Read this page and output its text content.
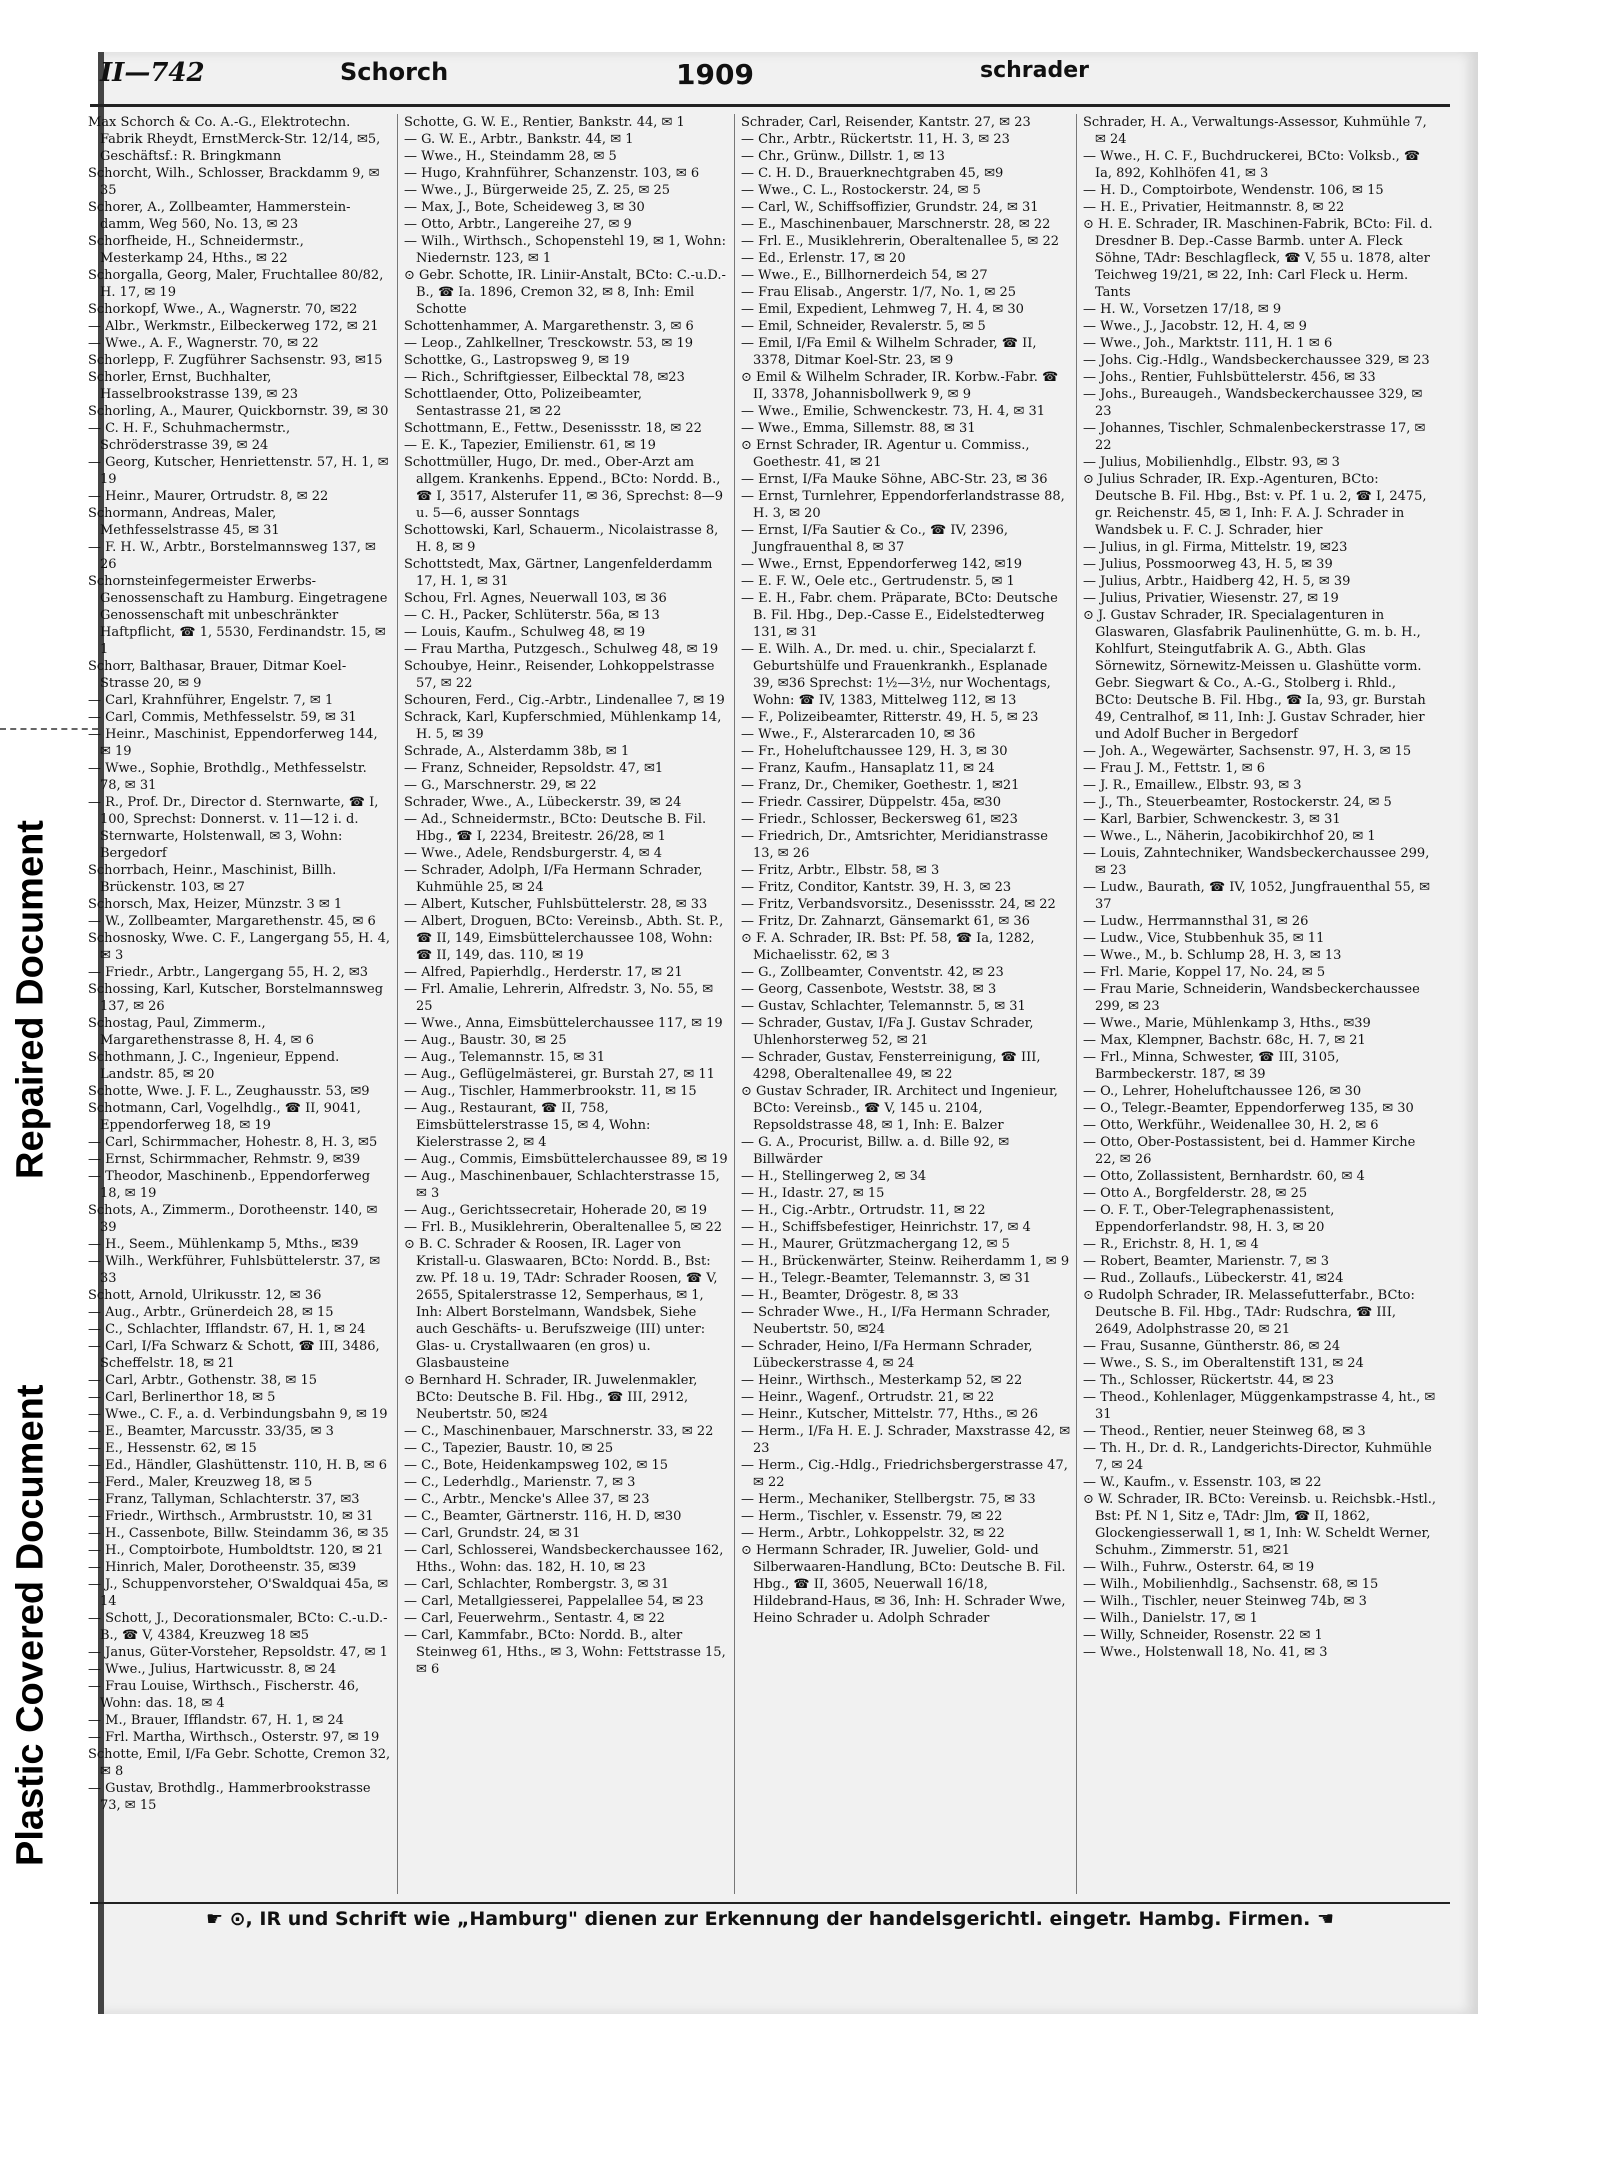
Repaired Document
Plastic Covered Document
II—742	Schorch	1909	schrader

Max Schorch & Co. A.-G., Elektrotechn. Fabrik Rheydt, ErnstMerck-Str. 12/14, ✉5, Geschäftsf.: R. Bringkmann

Schorcht, Wilh., Schlosser, Brackdamm 9, ✉ 35

Schorer, A., Zollbeamter, Hammerstein-damm, Weg 560, No. 13, ✉ 23

Schorfheide, H., Schneidermstr., Mesterkamp 24, Hths., ✉ 22

Schorgalla, Georg, Maler, Fruchtallee 80/82, H. 17, ✉ 19

Schorkopf, Wwe., A., Wagnerstr. 70, ✉22

— Albr., Werkmstr., Eilbeckerweg 172, ✉ 21

— Wwe., A. F., Wagnerstr. 70, ✉ 22

Schorlepp, F. Zugführer Sachsenstr. 93, ✉15

Schorler, Ernst, Buchhalter, Hasselbrookstrasse 139, ✉ 23

Schorling, A., Maurer, Quickbornstr. 39, ✉ 30

— C. H. F., Schuhmachermstr., Schröderstrasse 39, ✉ 24

— Georg, Kutscher, Henriettenstr. 57, H. 1, ✉ 19

— Heinr., Maurer, Ortrudstr. 8, ✉ 22

Schormann, Andreas, Maler, Methfesselstrasse 45, ✉ 31

— F. H. W., Arbtr., Borstelmannsweg 137, ✉ 26

Schornsteinfegermeister Erwerbs-Genossenschaft zu Hamburg. Eingetragene Genossenschaft mit unbeschränkter Haftpflicht, ☎ 1, 5530, Ferdinandstr. 15, ✉ 1

Schorr, Balthasar, Brauer, Ditmar Koel-Strasse 20, ✉ 9

— Carl, Krahnführer, Engelstr. 7, ✉ 1

— Carl, Commis, Methfesselstr. 59, ✉ 31

— Heinr., Maschinist, Eppendorferweg 144, ✉ 19

— Wwe., Sophie, Brothdlg., Methfesselstr. 78, ✉ 31

— R., Prof. Dr., Director d. Sternwarte, ☎ I, 100, Sprechst: Donnerst. v. 11—12 i. d. Sternwarte, Holstenwall, ✉ 3, Wohn: Bergedorf

Schorrbach, Heinr., Maschinist, Billh. Brückenstr. 103, ✉ 27

Schorsch, Max, Heizer, Münzstr. 3 ✉ 1

— W., Zollbeamter, Margarethenstr. 45, ✉ 6

Schosnosky, Wwe. C. F., Langergang 55, H. 4, ✉ 3

— Friedr., Arbtr., Langergang 55, H. 2, ✉3

Schossing, Karl, Kutscher, Borstelmannsweg 137, ✉ 26

Schostag, Paul, Zimmerm., Margarethenstrasse 8, H. 4, ✉ 6

Schothmann, J. C., Ingenieur, Eppend. Landstr. 85, ✉ 20

Schotte, Wwe. J. F. L., Zeughausstr. 53, ✉9

Schotmann, Carl, Vogelhdlg., ☎ II, 9041, Eppendorferweg 18, ✉ 19

— Carl, Schirmmacher, Hohestr. 8, H. 3, ✉5

— Ernst, Schirmmacher, Rehmstr. 9, ✉39

— Theodor, Maschinenb., Eppendorferweg 18, ✉ 19

Schots, A., Zimmerm., Dorotheenstr. 140, ✉ 39

— H., Seem., Mühlenkamp 5, Mths., ✉39

— Wilh., Werkführer, Fuhlsbüttelerstr. 37, ✉ 33

Schott, Arnold, Ulrikusstr. 12, ✉ 36

— Aug., Arbtr., Grünerdeich 28, ✉ 15

— C., Schlachter, Ifflandstr. 67, H. 1, ✉ 24

— Carl, I/Fa Schwarz & Schott, ☎ III, 3486, Scheffelstr. 18, ✉ 21

— Carl, Arbtr., Gothenstr. 38, ✉ 15

— Carl, Berlinerthor 18, ✉ 5

— Wwe., C. F., a. d. Verbindungsbahn 9, ✉ 19

— E., Beamter, Marcusstr. 33/35, ✉ 3

— E., Hessenstr. 62, ✉ 15

— Ed., Händler, Glashüttenstr. 110, H. B, ✉ 6

— Ferd., Maler, Kreuzweg 18, ✉ 5

— Franz, Tallyman, Schlachterstr. 37, ✉3

— Friedr., Wirthsch., Armbruststr. 10, ✉ 31

— H., Cassenbote, Billw. Steindamm 36, ✉ 35

— H., Comptoirbote, Humboldtstr. 120, ✉ 21

— Hinrich, Maler, Dorotheenstr. 35, ✉39

— J., Schuppenvorsteher, O'Swaldquai 45a, ✉ 14

— Schott, J., Decorationsmaler, BCto: C.-u.D.-B., ☎ V, 4384, Kreuzweg 18 ✉5

— Janus, Güter-Vorsteher, Repsoldstr. 47, ✉ 1

— Wwe., Julius, Hartwicusstr. 8, ✉ 24

— Frau Louise, Wirthsch., Fischerstr. 46, Wohn: das. 18, ✉ 4

— M., Brauer, Ifflandstr. 67, H. 1, ✉ 24

— Frl. Martha, Wirthsch., Osterstr. 97, ✉ 19

Schotte, Emil, I/Fa Gebr. Schotte, Cremon 32, ✉ 8

— Gustav, Brothdlg., Hammerbrookstrasse 73, ✉ 15

Schotte, G. W. E., Rentier, Bankstr. 44, ✉ 1

— G. W. E., Arbtr., Bankstr. 44, ✉ 1

— Wwe., H., Steindamm 28, ✉ 5

— Hugo, Krahnführer, Schanzenstr. 103, ✉ 6

— Wwe., J., Bürgerweide 25, Z. 25, ✉ 25

— Max, J., Bote, Scheideweg 3, ✉ 30

— Otto, Arbtr., Langereihe 27, ✉ 9

— Wilh., Wirthsch., Schopenstehl 19, ✉ 1, Wohn: Niedernstr. 123, ✉ 1

⊙ Gebr. Schotte, IR. Liniir-Anstalt, BCto: C.-u.D.-B., ☎ Ia. 1896, Cremon 32, ✉ 8, Inh: Emil Schotte

Schottenhammer, A. Margarethenstr. 3, ✉ 6

— Leop., Zahlkellner, Tresckowstr. 53, ✉ 19

Schottke, G., Lastropsweg 9, ✉ 19

— Rich., Schriftgiesser, Eilbecktal 78, ✉23

Schottlaender, Otto, Polizeibeamter, Sentastrasse 21, ✉ 22

Schottmann, E., Fettw., Desenissstr. 18, ✉ 22

— E. K., Tapezier, Emilienstr. 61, ✉ 19

Schottmüller, Hugo, Dr. med., Ober-Arzt am allgem. Krankenhs. Eppend., BCto: Nordd. B., ☎ I, 3517, Alsterufer 11, ✉ 36, Sprechst: 8—9 u. 5—6, ausser Sonntags

Schottowski, Karl, Schauerm., Nicolaistrasse 8, H. 8, ✉ 9

Schottstedt, Max, Gärtner, Langenfelderdamm 17, H. 1, ✉ 31

Schou, Frl. Agnes, Neuerwall 103, ✉ 36

— C. H., Packer, Schlüterstr. 56a, ✉ 13

— Louis, Kaufm., Schulweg 48, ✉ 19

— Frau Martha, Putzgesch., Schulweg 48, ✉ 19

Schoubye, Heinr., Reisender, Lohkoppelstrasse 57, ✉ 22

Schouren, Ferd., Cig.-Arbtr., Lindenallee 7, ✉ 19

Schrack, Karl, Kupferschmied, Mühlenkamp 14, H. 5, ✉ 39

Schrade, A., Alsterdamm 38b, ✉ 1

— Franz, Schneider, Repsoldstr. 47, ✉1

— G., Marschnerstr. 29, ✉ 22

Schrader, Wwe., A., Lübeckerstr. 39, ✉ 24

— Ad., Schneidermstr., BCto: Deutsche B. Fil. Hbg., ☎ I, 2234, Breitestr. 26/28, ✉ 1

— Wwe., Adele, Rendsburgerstr. 4, ✉ 4

— Schrader, Adolph, I/Fa Hermann Schrader, Kuhmühle 25, ✉ 24

— Albert, Kutscher, Fuhlsbüttelerstr. 28, ✉ 33

— Albert, Droguen, BCto: Vereinsb., Abth. St. P., ☎ II, 149, Eimsbüttelerchaussee 108, Wohn: ☎ II, 149, das. 110, ✉ 19

— Alfred, Papierhdlg., Herderstr. 17, ✉ 21

— Frl. Amalie, Lehrerin, Alfredstr. 3, No. 55, ✉ 25

— Wwe., Anna, Eimsbüttelerchaussee 117, ✉ 19

— Aug., Baustr. 30, ✉ 25

— Aug., Telemannstr. 15, ✉ 31

— Aug., Geflügelmästerei, gr. Burstah 27, ✉ 11

— Aug., Tischler, Hammerbrookstr. 11, ✉ 15

— Aug., Restaurant, ☎ II, 758, Eimsbüttelerstrasse 15, ✉ 4, Wohn: Kielerstrasse 2, ✉ 4

— Aug., Commis, Eimsbüttelerchaussee 89, ✉ 19

— Aug., Maschinenbauer, Schlachterstrasse 15, ✉ 3

— Aug., Gerichtssecretair, Hoherade 20, ✉ 19

— Frl. B., Musiklehrerin, Oberaltenallee 5, ✉ 22

⊙ B. C. Schrader & Roosen, IR. Lager von Kristall-u. Glaswaaren, BCto: Nordd. B., Bst: zw. Pf. 18 u. 19, TAdr: Schrader Roosen, ☎ V, 2655, Spitalerstrasse 12, Semperhaus, ✉ 1, Inh: Albert Borstelmann, Wandsbek, Siehe auch Geschäfts- u. Berufszweige (III) unter: Glas- u. Crystallwaaren (en gros) u. Glasbausteine

⊙ Bernhard H. Schrader, IR. Juwelenmakler, BCto: Deutsche B. Fil. Hbg., ☎ III, 2912, Neubertstr. 50, ✉24

— C., Maschinenbauer, Marschnerstr. 33, ✉ 22

— C., Tapezier, Baustr. 10, ✉ 25

— C., Bote, Heidenkampsweg 102, ✉ 15

— C., Lederhdlg., Marienstr. 7, ✉ 3

— C., Arbtr., Mencke's Allee 37, ✉ 23

— C., Beamter, Gärtnerstr. 116, H. D, ✉30

— Carl, Grundstr. 24, ✉ 31

— Carl, Schlosserei, Wandsbeckerchaussee 162, Hths., Wohn: das. 182, H. 10, ✉ 23

— Carl, Schlachter, Rombergstr. 3, ✉ 31

— Carl, Metallgiesserei, Pappelallee 54, ✉ 23

— Carl, Feuerwehrm., Sentastr. 4, ✉ 22

— Carl, Kammfabr., BCto: Nordd. B., alter Steinweg 61, Hths., ✉ 3, Wohn: Fettstrasse 15, ✉ 6

Schrader, Carl, Reisender, Kantstr. 27, ✉ 23

— Chr., Arbtr., Rückertstr. 11, H. 3, ✉ 23

— Chr., Grünw., Dillstr. 1, ✉ 13

— C. H. D., Brauerknechtgraben 45, ✉9

— Wwe., C. L., Rostockerstr. 24, ✉ 5

— Carl, W., Schiffsoffizier, Grundstr. 24, ✉ 31

— E., Maschinenbauer, Marschnerstr. 28, ✉ 22

— Frl. E., Musiklehrerin, Oberaltenallee 5, ✉ 22

— Ed., Erlenstr. 17, ✉ 20

— Wwe., E., Billhornerdeich 54, ✉ 27

— Frau Elisab., Angerstr. 1/7, No. 1, ✉ 25

— Emil, Expedient, Lehmweg 7, H. 4, ✉ 30

— Emil, Schneider, Revalerstr. 5, ✉ 5

— Emil, I/Fa Emil & Wilhelm Schrader, ☎ II, 3378, Ditmar Koel-Str. 23, ✉ 9

⊙ Emil & Wilhelm Schrader, IR. Korbw.-Fabr. ☎ II, 3378, Johannisbollwerk 9, ✉ 9

— Wwe., Emilie, Schwenckestr. 73, H. 4, ✉ 31

— Wwe., Emma, Sillemstr. 88, ✉ 31

⊙ Ernst Schrader, IR. Agentur u. Commiss., Goethestr. 41, ✉ 21

— Ernst, I/Fa Mauke Söhne, ABC-Str. 23, ✉ 36

— Ernst, Turnlehrer, Eppendorferlandstrasse 88, H. 3, ✉ 20

— Ernst, I/Fa Sautier & Co., ☎ IV, 2396, Jungfrauenthal 8, ✉ 37

— Wwe., Ernst, Eppendorferweg 142, ✉19

— E. F. W., Oele etc., Gertrudenstr. 5, ✉ 1

— E. H., Fabr. chem. Präparate, BCto: Deutsche B. Fil. Hbg., Dep.-Casse E., Eidelstedterweg 131, ✉ 31

— E. Wilh. A., Dr. med. u. chir., Specialarzt f. Geburtshülfe und Frauenkrankh., Esplanade 39, ✉36 Sprechst: 1½—3½, nur Wochentags, Wohn: ☎ IV, 1383, Mittelweg 112, ✉ 13

— F., Polizeibeamter, Ritterstr. 49, H. 5, ✉ 23

— Wwe., F., Alsterarcaden 10, ✉ 36

— Fr., Hoheluftchaussee 129, H. 3, ✉ 30

— Franz, Kaufm., Hansaplatz 11, ✉ 24

— Franz, Dr., Chemiker, Goethestr. 1, ✉21

— Friedr. Cassirer, Düppelstr. 45a, ✉30

— Friedr., Schlosser, Beckersweg 61, ✉23

— Friedrich, Dr., Amtsrichter, Meridianstrasse 13, ✉ 26

— Fritz, Arbtr., Elbstr. 58, ✉ 3

— Fritz, Conditor, Kantstr. 39, H. 3, ✉ 23

— Fritz, Verbandsvorsitz., Desenissstr. 24, ✉ 22

— Fritz, Dr. Zahnarzt, Gänsemarkt 61, ✉ 36

⊙ F. A. Schrader, IR. Bst: Pf. 58, ☎ Ia, 1282, Michaelisstr. 62, ✉ 3

— G., Zollbeamter, Conventstr. 42, ✉ 23

— Georg, Cassenbote, Weststr. 38, ✉ 3

— Gustav, Schlachter, Telemannstr. 5, ✉ 31

— Schrader, Gustav, I/Fa J. Gustav Schrader, Uhlenhorsterweg 52, ✉ 21

— Schrader, Gustav, Fensterreinigung, ☎ III, 4298, Oberaltenallee 49, ✉ 22

⊙ Gustav Schrader, IR. Architect und Ingenieur, BCto: Vereinsb., ☎ V, 145 u. 2104, Repsoldstrasse 48, ✉ 1, Inh: E. Balzer

— G. A., Procurist, Billw. a. d. Bille 92, ✉ Billwärder

— H., Stellingerweg 2, ✉ 34

— H., Idastr. 27, ✉ 15

— H., Cig.-Arbtr., Ortrudstr. 11, ✉ 22

— H., Schiffsbefestiger, Heinrichstr. 17, ✉ 4

— H., Maurer, Grützmachergang 12, ✉ 5

— H., Brückenwärter, Steinw. Reiherdamm 1, ✉ 9

— H., Telegr.-Beamter, Telemannstr. 3, ✉ 31

— H., Beamter, Drögestr. 8, ✉ 33

— Schrader Wwe., H., I/Fa Hermann Schrader, Neubertstr. 50, ✉24

— Schrader, Heino, I/Fa Hermann Schrader, Lübeckerstrasse 4, ✉ 24

— Heinr., Wirthsch., Mesterkamp 52, ✉ 22

— Heinr., Wagenf., Ortrudstr. 21, ✉ 22

— Heinr., Kutscher, Mittelstr. 77, Hths., ✉ 26

— Herm., I/Fa H. E. J. Schrader, Maxstrasse 42, ✉ 23

— Herm., Cig.-Hdlg., Friedrichsbergerstrasse 47, ✉ 22

— Herm., Mechaniker, Stellbergstr. 75, ✉ 33

— Herm., Tischler, v. Essenstr. 79, ✉ 22

— Herm., Arbtr., Lohkoppelstr. 32, ✉ 22

⊙ Hermann Schrader, IR. Juwelier, Gold- und Silberwaaren-Handlung, BCto: Deutsche B. Fil. Hbg., ☎ II, 3605, Neuerwall 16/18, Hildebrand-Haus, ✉ 36, Inh: H. Schrader Wwe, Heino Schrader u. Adolph Schrader

Schrader, H. A., Verwaltungs-Assessor, Kuhmühle 7, ✉ 24

— Wwe., H. C. F., Buchdruckerei, BCto: Volksb., ☎ Ia, 892, Kohlhöfen 41, ✉ 3

— H. D., Comptoirbote, Wendenstr. 106, ✉ 15

— H. E., Privatier, Heitmannstr. 8, ✉ 22

⊙ H. E. Schrader, IR. Maschinen-Fabrik, BCto: Fil. d. Dresdner B. Dep.-Casse Barmb. unter A. Fleck Söhne, TAdr: Beschlagfleck, ☎ V, 55 u. 1878, alter Teichweg 19/21, ✉ 22, Inh: Carl Fleck u. Herm. Tants

— H. W., Vorsetzen 17/18, ✉ 9

— Wwe., J., Jacobstr. 12, H. 4, ✉ 9

— Wwe., Joh., Marktstr. 111, H. 1 ✉ 6

— Johs. Cig.-Hdlg., Wandsbeckerchaussee 329, ✉ 23

— Johs., Rentier, Fuhlsbüttelerstr. 456, ✉ 33

— Johs., Bureaugeh., Wandsbeckerchaussee 329, ✉ 23

— Johannes, Tischler, Schmalenbeckerstrasse 17, ✉ 22

— Julius, Mobilienhdlg., Elbstr. 93, ✉ 3

⊙ Julius Schrader, IR. Exp.-Agenturen, BCto: Deutsche B. Fil. Hbg., Bst: v. Pf. 1 u. 2, ☎ I, 2475, gr. Reichenstr. 45, ✉ 1, Inh: F. A. J. Schrader in Wandsbek u. F. C. J. Schrader, hier

— Julius, in gl. Firma, Mittelstr. 19, ✉23

— Julius, Possmoorweg 43, H. 5, ✉ 39

— Julius, Arbtr., Haidberg 42, H. 5, ✉ 39

— Julius, Privatier, Wiesenstr. 27, ✉ 19

⊙ J. Gustav Schrader, IR. Specialagenturen in Glaswaren, Glasfabrik Paulinenhütte, G. m. b. H., Kohlfurt, Steingutfabrik A. G., Abth. Glas Sörnewitz, Sörnewitz-Meissen u. Glashütte vorm. Gebr. Siegwart & Co., A.-G., Stolberg i. Rhld., BCto: Deutsche B. Fil. Hbg., ☎ Ia, 93, gr. Burstah 49, Centralhof, ✉ 11, Inh: J. Gustav Schrader, hier und Adolf Bucher in Bergedorf

— Joh. A., Wegewärter, Sachsenstr. 97, H. 3, ✉ 15

— Frau J. M., Fettstr. 1, ✉ 6

— J. R., Emaillew., Elbstr. 93, ✉ 3

— J., Th., Steuerbeamter, Rostockerstr. 24, ✉ 5

— Karl, Barbier, Schwenckestr. 3, ✉ 31

— Wwe., L., Näherin, Jacobikirchhof 20, ✉ 1

— Louis, Zahntechniker, Wandsbeckerchaussee 299, ✉ 23

— Ludw., Baurath, ☎ IV, 1052, Jungfrauenthal 55, ✉ 37

— Ludw., Herrmannsthal 31, ✉ 26

— Ludw., Vice, Stubbenhuk 35, ✉ 11

— Wwe., M., b. Schlump 28, H. 3, ✉ 13

— Frl. Marie, Koppel 17, No. 24, ✉ 5

— Frau Marie, Schneiderin, Wandsbeckerchaussee 299, ✉ 23

— Wwe., Marie, Mühlenkamp 3, Hths., ✉39

— Max, Klempner, Bachstr. 68c, H. 7, ✉ 21

— Frl., Minna, Schwester, ☎ III, 3105, Barmbeckerstr. 187, ✉ 39

— O., Lehrer, Hoheluftchaussee 126, ✉ 30

— O., Telegr.-Beamter, Eppendorferweg 135, ✉ 30

— Otto, Werkführ., Weidenallee 30, H. 2, ✉ 6

— Otto, Ober-Postassistent, bei d. Hammer Kirche 22, ✉ 26

— Otto, Zollassistent, Bernhardstr. 60, ✉ 4

— Otto A., Borgfelderstr. 28, ✉ 25

— O. F. T., Ober-Telegraphenassistent, Eppendorferlandstr. 98, H. 3, ✉ 20

— R., Erichstr. 8, H. 1, ✉ 4

— Robert, Beamter, Marienstr. 7, ✉ 3

— Rud., Zollaufs., Lübeckerstr. 41, ✉24

⊙ Rudolph Schrader, IR. Melassefutterfabr., BCto: Deutsche B. Fil. Hbg., TAdr: Rudschra, ☎ III, 2649, Adolphstrasse 20, ✉ 21

— Frau, Susanne, Güntherstr. 86, ✉ 24

— Wwe., S. S., im Oberaltenstift 131, ✉ 24

— Th., Schlosser, Rückertstr. 44, ✉ 23

— Theod., Kohlenlager, Müggenkampstrasse 4, ht., ✉ 31

— Theod., Rentier, neuer Steinweg 68, ✉ 3

— Th. H., Dr. d. R., Landgerichts-Director, Kuhmühle 7, ✉ 24

— W., Kaufm., v. Essenstr. 103, ✉ 22

⊙ W. Schrader, IR. BCto: Vereinsb. u. Reichsbk.-Hstl., Bst: Pf. N 1, Sitz e, TAdr: Jlm, ☎ II, 1862, Glockengiesserwall 1, ✉ 1, Inh: W. Scheldt Werner, Schuhm., Zimmerstr. 51, ✉21

— Wilh., Fuhrw., Osterstr. 64, ✉ 19

— Wilh., Mobilienhdlg., Sachsenstr. 68, ✉ 15

— Wilh., Tischler, neuer Steinweg 74b, ✉ 3

— Wilh., Danielstr. 17, ✉ 1

— Willy, Schneider, Rosenstr. 22 ✉ 1

— Wwe., Holstenwall 18, No. 41, ✉ 3

☛ ⊙, IR und Schrift wie „Hamburg" dienen zur Erkennung der handelsgerichtl. eingetr. Hambg. Firmen. ☚
